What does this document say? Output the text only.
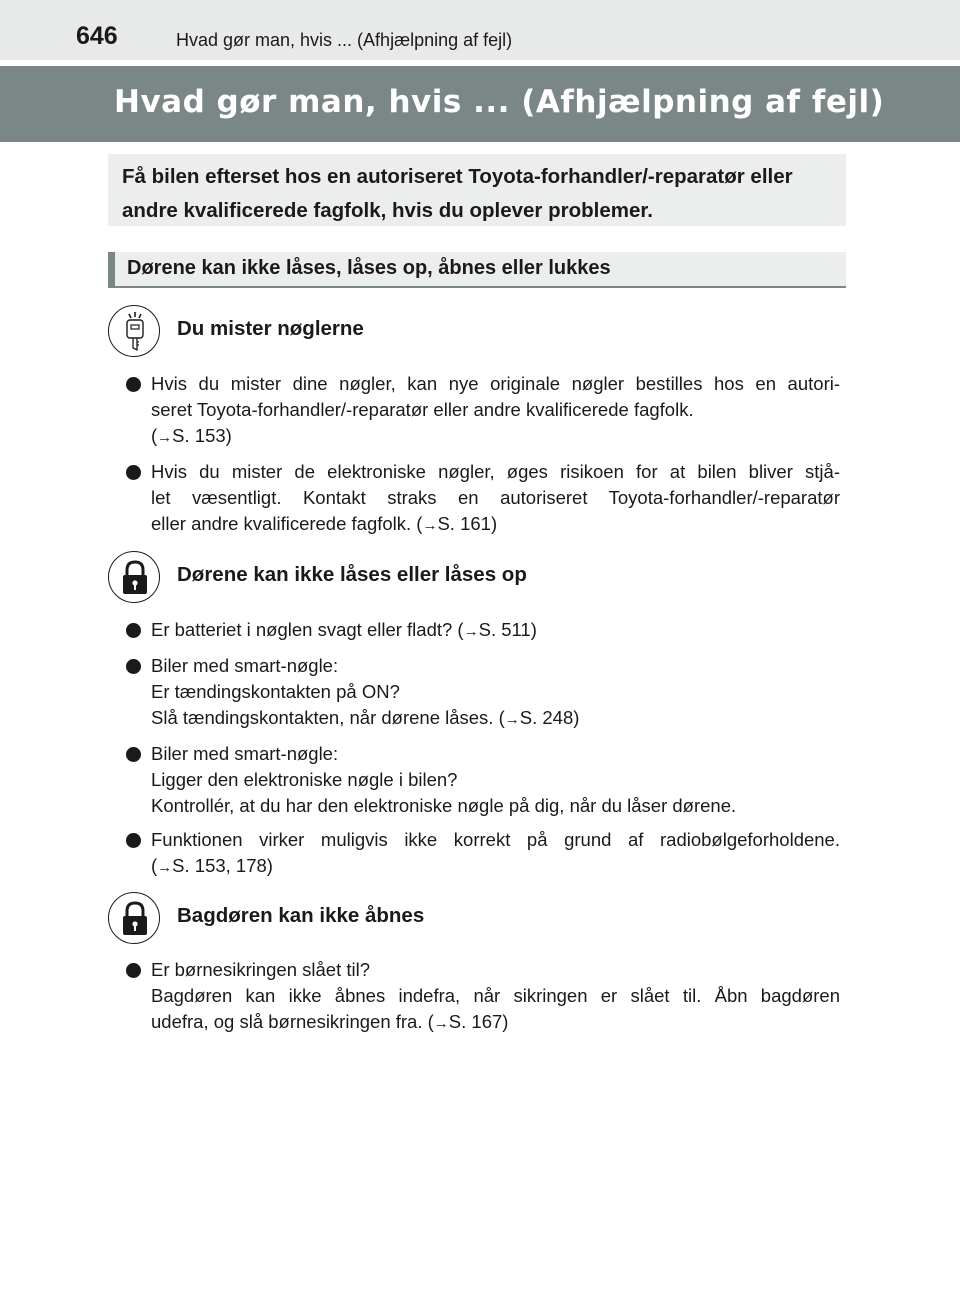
646	Hvad gør man, hvis ... (Afhjælpning af fejl)
Hvad gør man, hvis ... (Afhjælpning af fejl)

Få bilen efterset hos en autoriseret Toyota-forhandler/-reparatør eller andre kvalificerede fagfolk, hvis du oplever problemer.

Dørene kan ikke låses, låses op, åbnes eller lukkes
Du mister nøglerne
Hvis du mister dine nøgler, kan nye originale nøgler bestilles hos en autori-
seret Toyota-forhandler/-reparatør eller andre kvalificerede fagfolk.
(→S. 153)
Hvis du mister de elektroniske nøgler, øges risikoen for at bilen bliver stjå-
let væsentligt. Kontakt straks en autoriseret Toyota-forhandler/-reparatør
eller andre kvalificerede fagfolk. (→S. 161)
Dørene kan ikke låses eller låses op
Er batteriet i nøglen svagt eller fladt? (→S. 511)
Biler med smart-nøgle:
Er tændingskontakten på ON?
Slå tændingskontakten, når dørene låses. (→S. 248)
Biler med smart-nøgle:
Ligger den elektroniske nøgle i bilen?
Kontrollér, at du har den elektroniske nøgle på dig, når du låser dørene.
Funktionen virker muligvis ikke korrekt på grund af radiobølgeforholdene.
(→S. 153, 178)
Bagdøren kan ikke åbnes
Er børnesikringen slået til?
Bagdøren kan ikke åbnes indefra, når sikringen er slået til. Åbn bagdøren
udefra, og slå børnesikringen fra. (→S. 167)
